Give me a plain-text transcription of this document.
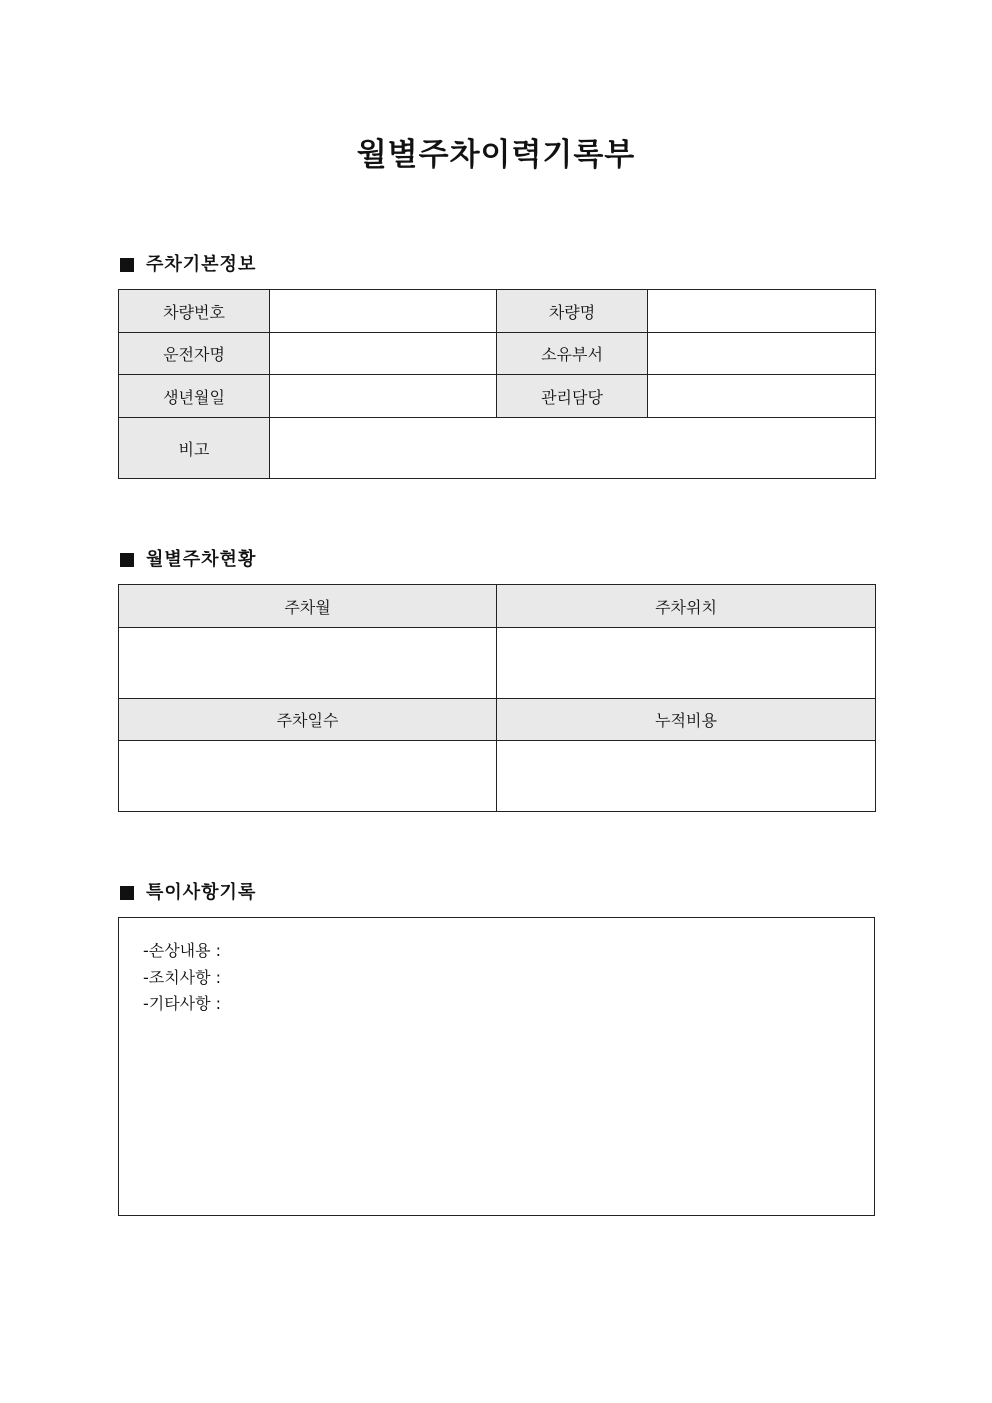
월별주차이력기록부
주차기본정보
차량번호		차량명	
운전자명		소유부서	
생년월일		관리담당	
비고			
월별주차현황
주차월	주차위치

주차일수	누적비용

특이사항기록
-손상내용 :
-조치사항 :
-기타사항 :
